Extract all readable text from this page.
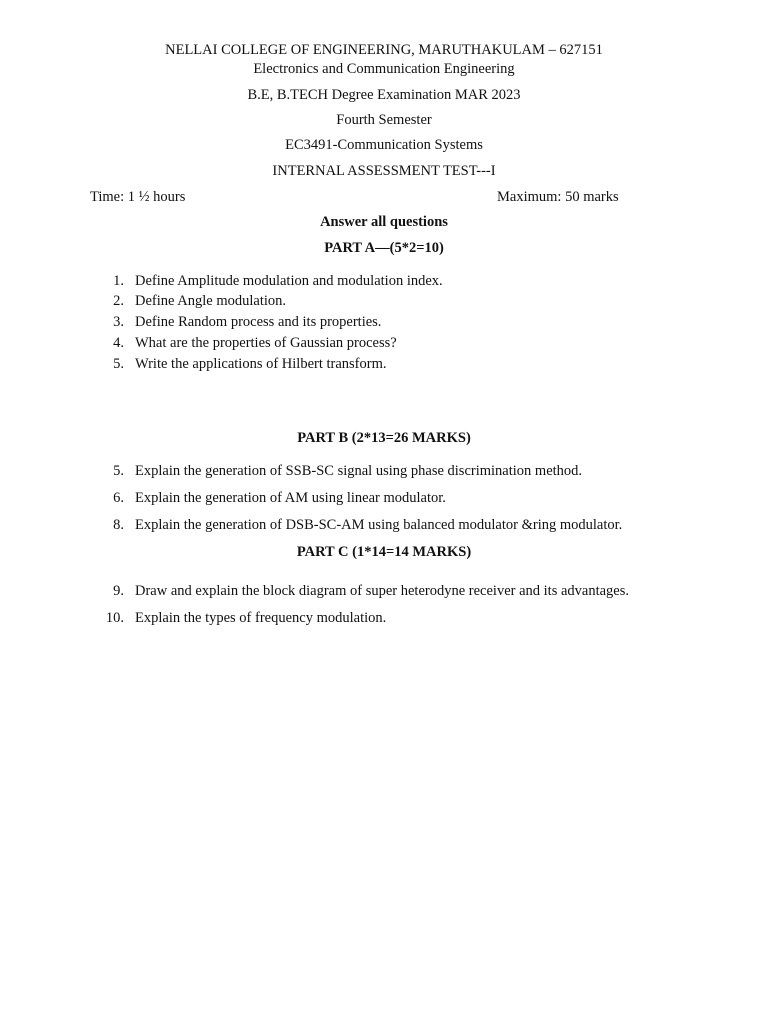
NELLAI COLLEGE OF ENGINEERING, MARUTHAKULAM – 627151
Electronics and Communication Engineering
B.E, B.TECH Degree Examination MAR 2023
Fourth Semester
EC3491-Communication Systems
INTERNAL ASSESSMENT TEST---I
Time: 1 ½ hours	Maximum: 50 marks
Answer all questions
PART A—(5*2=10)
1. Define Amplitude modulation and modulation index.
2. Define Angle modulation.
3. Define Random process and its properties.
4. What are the properties of Gaussian process?
5. Write the applications of Hilbert transform.
PART B (2*13=26 MARKS)
5. Explain the generation of SSB-SC signal using phase discrimination method.
6. Explain the generation of AM using linear modulator.
8. Explain the generation of DSB-SC-AM using balanced modulator &ring modulator.
PART C (1*14=14 MARKS)
9. Draw and explain the block diagram of super heterodyne receiver and its advantages.
10. Explain the types of frequency modulation.
